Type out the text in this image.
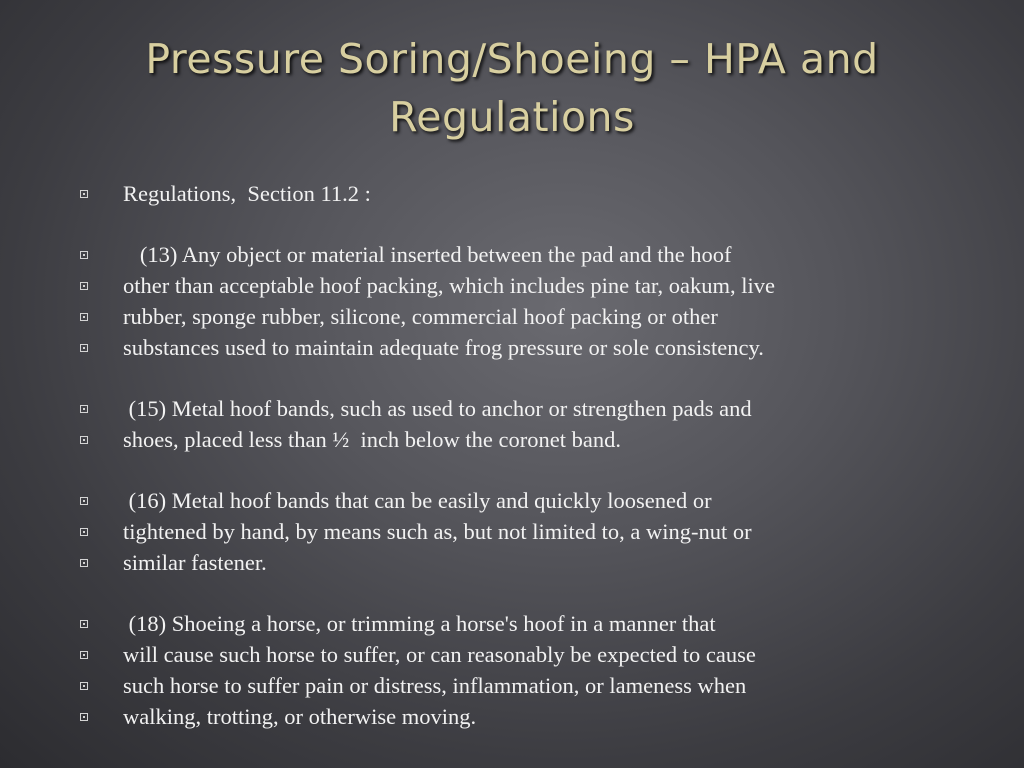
Pressure Soring/Shoeing – HPA and
Regulations
Regulations,  Section 11.2 :
(13) Any object or material inserted between the pad and the hoof
other than acceptable hoof packing, which includes pine tar, oakum, live
rubber, sponge rubber, silicone, commercial hoof packing or other
substances used to maintain adequate frog pressure or sole consistency.
(15) Metal hoof bands, such as used to anchor or strengthen pads and
shoes, placed less than ½  inch below the coronet band.
(16) Metal hoof bands that can be easily and quickly loosened or
tightened by hand, by means such as, but not limited to, a wing-nut or
similar fastener.
(18) Shoeing a horse, or trimming a horse's hoof in a manner that
will cause such horse to suffer, or can reasonably be expected to cause
such horse to suffer pain or distress, inflammation, or lameness when
walking, trotting, or otherwise moving.
